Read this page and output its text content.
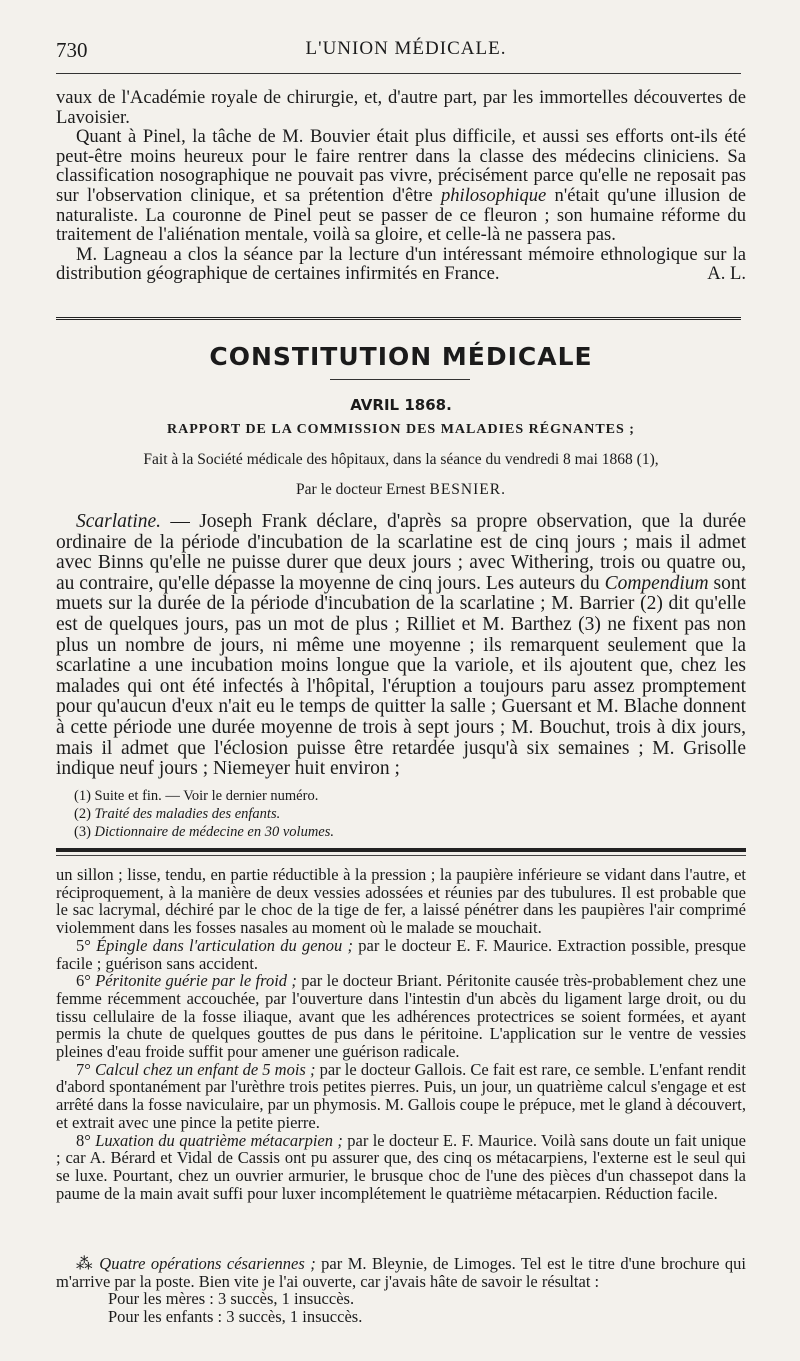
730	L'UNION MÉDICALE.

vaux de l'Académie royale de chirurgie, et, d'autre part, par les immortelles découvertes de Lavoisier.

Quant à Pinel, la tâche de M. Bouvier était plus difficile, et aussi ses efforts ont-ils été peut-être moins heureux pour le faire rentrer dans la classe des médecins cliniciens. Sa classification nosographique ne pouvait pas vivre, précisément parce qu'elle ne reposait pas sur l'observation clinique, et sa prétention d'être philosophique n'était qu'une illusion de naturaliste. La couronne de Pinel peut se passer de ce fleuron ; son humaine réforme du traitement de l'aliénation mentale, voilà sa gloire, et celle-là ne passera pas.

M. Lagneau a clos la séance par la lecture d'un intéressant mémoire ethnologique sur la distribution géographique de certaines infirmités en France.	A. L.

CONSTITUTION MÉDICALE
AVRIL 1868.
RAPPORT DE LA COMMISSION DES MALADIES RÉGNANTES ;
Fait à la Société médicale des hôpitaux, dans la séance du vendredi 8 mai 1868 (1),
Par le docteur Ernest BESNIER.

Scarlatine. — Joseph Frank déclare, d'après sa propre observation, que la durée ordinaire de la période d'incubation de la scarlatine est de cinq jours ; mais il admet avec Binns qu'elle ne puisse durer que deux jours ; avec Withering, trois ou quatre ou, au contraire, qu'elle dépasse la moyenne de cinq jours. Les auteurs du Compendium sont muets sur la durée de la période d'incubation de la scarlatine ; M. Barrier (2) dit qu'elle est de quelques jours, pas un mot de plus ; Rilliet et M. Barthez (3) ne fixent pas non plus un nombre de jours, ni même une moyenne ; ils remarquent seulement que la scarlatine a une incubation moins longue que la variole, et ils ajoutent que, chez les malades qui ont été infectés à l'hôpital, l'éruption a toujours paru assez promptement pour qu'aucun d'eux n'ait eu le temps de quitter la salle ; Guersant et M. Blache donnent à cette période une durée moyenne de trois à sept jours ; M. Bouchut, trois à dix jours, mais il admet que l'éclosion puisse être retardée jusqu'à six semaines ; M. Grisolle indique neuf jours ; Niemeyer huit environ ;

(1) Suite et fin. — Voir le dernier numéro.
(2) Traité des maladies des enfants.
(3) Dictionnaire de médecine en 30 volumes.

un sillon ; lisse, tendu, en partie réductible à la pression ; la paupière inférieure se vidant dans l'autre, et réciproquement, à la manière de deux vessies adossées et réunies par des tubulures. Il est probable que le sac lacrymal, déchiré par le choc de la tige de fer, a laissé pénétrer dans les paupières l'air comprimé violemment dans les fosses nasales au moment où le malade se mouchait.

5° Épingle dans l'articulation du genou ; par le docteur E. F. Maurice. Extraction possible, presque facile ; guérison sans accident.

6° Péritonite guérie par le froid ; par le docteur Briant. Péritonite causée très-probablement chez une femme récemment accouchée, par l'ouverture dans l'intestin d'un abcès du ligament large droit, ou du tissu cellulaire de la fosse iliaque, avant que les adhérences protectrices se soient formées, et ayant permis la chute de quelques gouttes de pus dans le péritoine. L'application sur le ventre de vessies pleines d'eau froide suffit pour amener une guérison radicale.

7° Calcul chez un enfant de 5 mois ; par le docteur Gallois. Ce fait est rare, ce semble. L'enfant rendit d'abord spontanément par l'urèthre trois petites pierres. Puis, un jour, un quatrième calcul s'engage et est arrêté dans la fosse naviculaire, par un phymosis. M. Gallois coupe le prépuce, met le gland à découvert, et extrait avec une pince la petite pierre.

8° Luxation du quatrième métacarpien ; par le docteur E. F. Maurice. Voilà sans doute un fait unique ; car A. Bérard et Vidal de Cassis ont pu assurer que, des cinq os métacarpiens, l'externe est le seul qui se luxe. Pourtant, chez un ouvrier armurier, le brusque choc de l'une des pièces d'un chassepot dans la paume de la main avait suffi pour luxer incomplétement le quatrième métacarpien. Réduction facile.

⁂ Quatre opérations césariennes ; par M. Bleynie, de Limoges. Tel est le titre d'une brochure qui m'arrive par la poste. Bien vite je l'ai ouverte, car j'avais hâte de savoir le résultat :

Pour les mères : 3 succès, 1 insuccès.

Pour les enfants : 3 succès, 1 insuccès.
